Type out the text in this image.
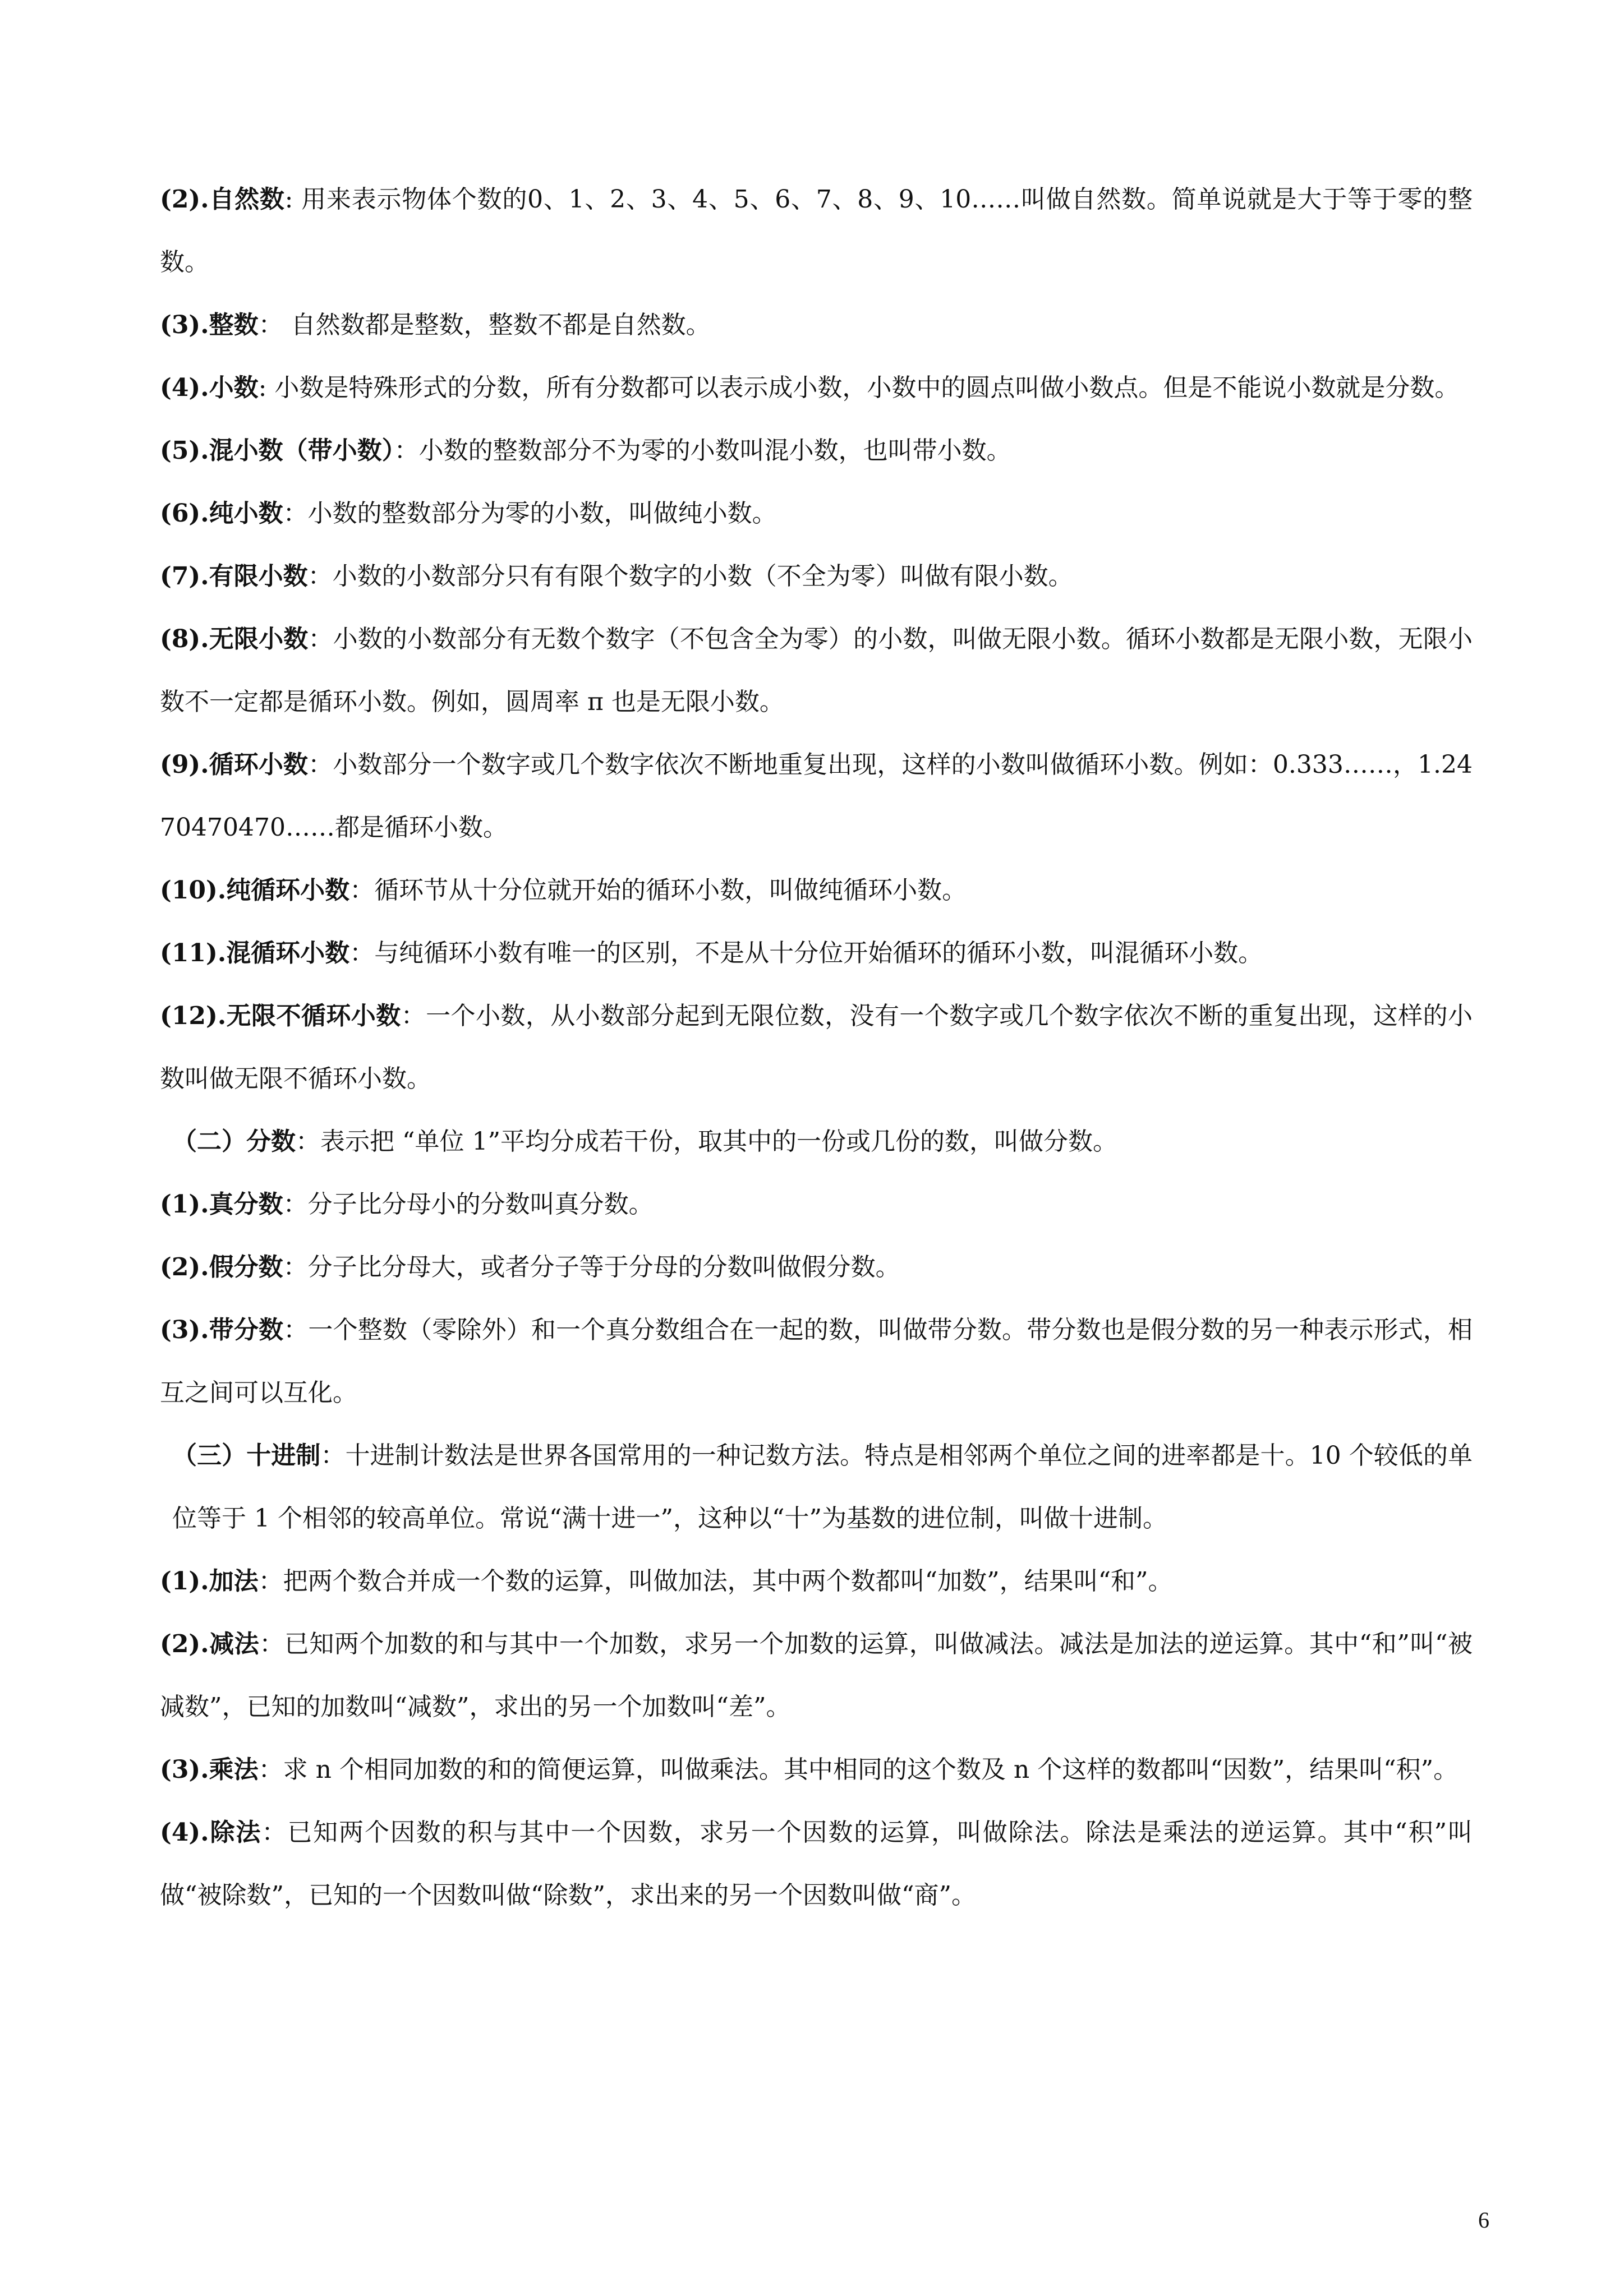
(2).自然数: 用来表示物体个数的0、1、2、3、4、5、6、7、8、9、10……叫做自然数。简单说就是大于等于零的整数。

(3).整数： 自然数都是整数，整数不都是自然数。

(4).小数: 小数是特殊形式的分数，所有分数都可以表示成小数，小数中的圆点叫做小数点。但是不能说小数就是分数。

(5).混小数（带小数）：小数的整数部分不为零的小数叫混小数，也叫带小数。

(6).纯小数：小数的整数部分为零的小数，叫做纯小数。

(7).有限小数：小数的小数部分只有有限个数字的小数（不全为零）叫做有限小数。

(8).无限小数：小数的小数部分有无数个数字（不包含全为零）的小数，叫做无限小数。循环小数都是无限小数，无限小数不一定都是循环小数。例如，圆周率 π 也是无限小数。

(9).循环小数：小数部分一个数字或几个数字依次不断地重复出现，这样的小数叫做循环小数。例如：0.333……，1.2470470470……都是循环小数。

(10).纯循环小数：循环节从十分位就开始的循环小数，叫做纯循环小数。

(11).混循环小数：与纯循环小数有唯一的区别，不是从十分位开始循环的循环小数，叫混循环小数。

(12).无限不循环小数：一个小数，从小数部分起到无限位数，没有一个数字或几个数字依次不断的重复出现，这样的小数叫做无限不循环小数。

（二）分数：表示把 “单位 1”平均分成若干份，取其中的一份或几份的数，叫做分数。

(1).真分数：分子比分母小的分数叫真分数。

(2).假分数：分子比分母大，或者分子等于分母的分数叫做假分数。

(3).带分数：一个整数（零除外）和一个真分数组合在一起的数，叫做带分数。带分数也是假分数的另一种表示形式，相互之间可以互化。

（三）十进制：十进制计数法是世界各国常用的一种记数方法。特点是相邻两个单位之间的进率都是十。10 个较低的单位等于 1 个相邻的较高单位。常说“满十进一”，这种以“十”为基数的进位制，叫做十进制。

(1).加法：把两个数合并成一个数的运算，叫做加法，其中两个数都叫“加数”，结果叫“和”。

(2).减法：已知两个加数的和与其中一个加数，求另一个加数的运算，叫做减法。减法是加法的逆运算。其中“和”叫“被减数”，已知的加数叫“减数”，求出的另一个加数叫“差”。

(3).乘法：求 n 个相同加数的和的简便运算，叫做乘法。其中相同的这个数及 n 个这样的数都叫“因数”，结果叫“积”。

(4).除法：已知两个因数的积与其中一个因数，求另一个因数的运算，叫做除法。除法是乘法的逆运算。其中“积”叫做“被除数”，已知的一个因数叫做“除数”，求出来的另一个因数叫做“商”。

6
